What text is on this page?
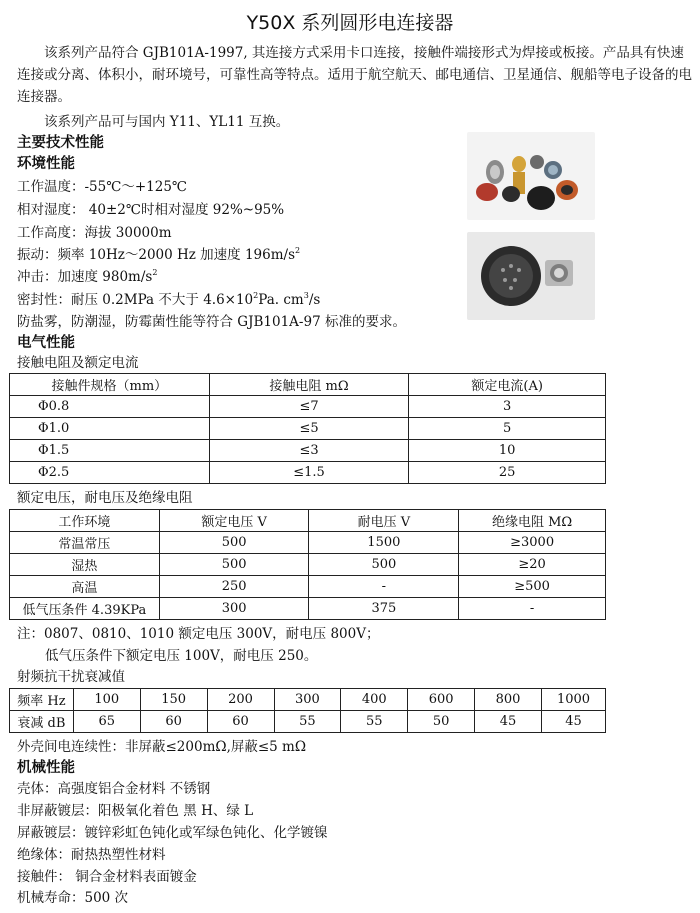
Y50X 系列圆形电连接器
该系列产品符合 GJB101A-1997, 其连接方式采用卡口连接，接触件端接形式为焊接或板接。产品具有快速连接或分离、体积小，耐环境号，可靠性高等特点。适用于航空航天、邮电通信、卫星通信、舰船等电子设备的电连接器。
该系列产品可与国内 Y11、YL11 互换。
主要技术性能
环境性能
工作温度：-55℃～+125℃
相对湿度： 40±2℃时相对湿度 92%~95%
工作高度：海拔 30000m
振动：频率 10Hz～2000 Hz 加速度 $196m/s^2$
冲击：加速度 $980m/s^2$
密封性：耐压 0.2MPa 不大于 $4.6\times 10^2Pa$. $cm^3/s$
防盐雾，防潮湿，防霉菌性能等符合 GJB101A-97 标准的要求。
电气性能
接触电阻及额定电流
接触件规格（mm）	接触电阻 mΩ	额定电流(A)
Φ0.8	≤7	3
Φ1.0	≤5	5
Φ1.5	≤3	10
Φ2.5	≤1.5	25
额定电压，耐电压及绝缘电阻
工作环境	额定电压 V	耐电压 V	绝缘电阻 MΩ
常温常压	500	1500	≥3000
湿热	500	500	≥20
高温	250	-	≥500
低气压条件 4.39KPa	300	375	-
注：0807、0810、1010 额定电压 300V，耐电压 800V；
低气压条件下额定电压 100V，耐电压 250。
射频抗干扰衰减值
频率 Hz	100	150	200	300	400	600	800	1000
衰减 dB	65	60	60	55	55	50	45	45
外壳间电连续性：非屏蔽≤200mΩ,屏蔽≤5 mΩ
机械性能
壳体：高强度铝合金材料 不锈钢
非屏蔽镀层：阳极氧化着色 黑 H、绿 L
屏蔽镀层：镀锌彩虹色钝化或军绿色钝化、化学镀镍
绝缘体：耐热热塑性材料
接触件： 铜合金材料表面镀金
机械寿命：500 次
